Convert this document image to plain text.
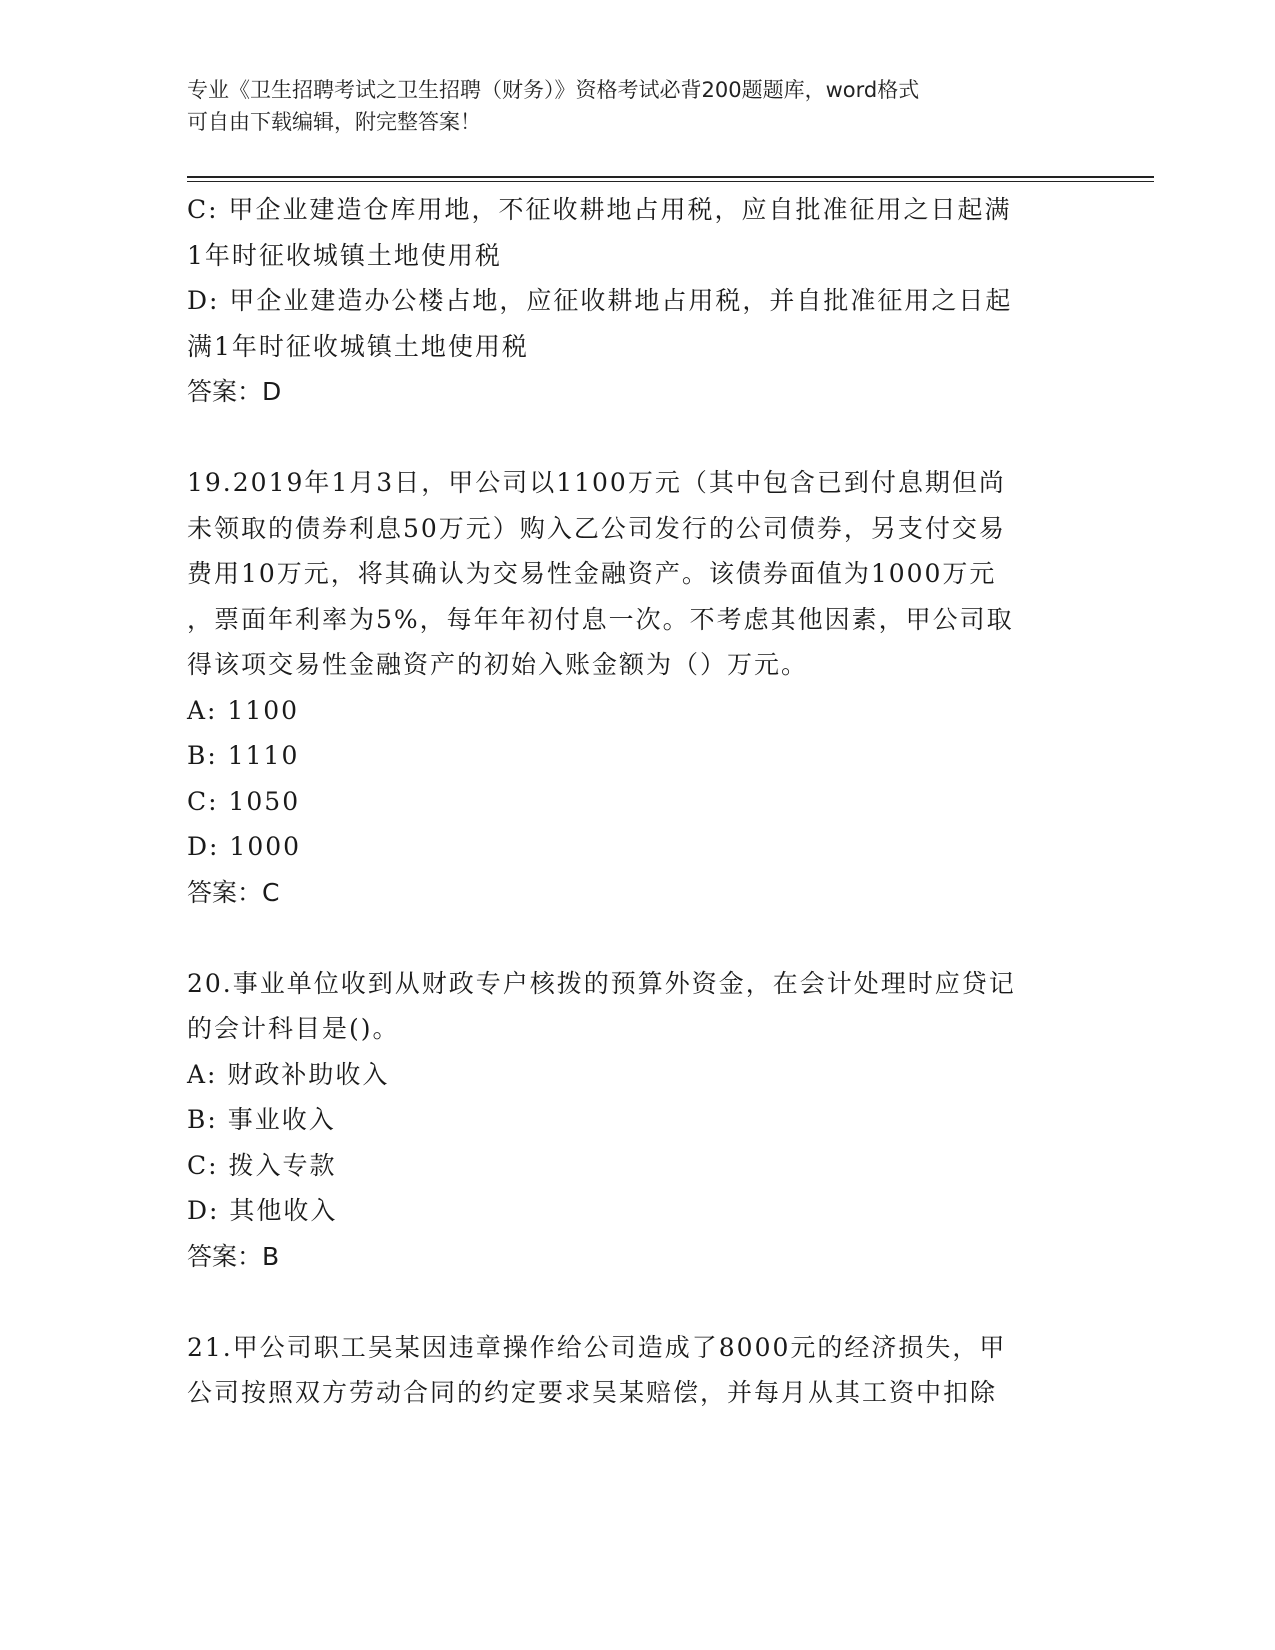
专业《卫生招聘考试之卫生招聘（财务）》资格考试必背200题题库，word格式
可自由下载编辑，附完整答案！
C: 甲企业建造仓库用地，不征收耕地占用税，应自批准征用之日起满
1年时征收城镇土地使用税
D: 甲企业建造办公楼占地，应征收耕地占用税，并自批准征用之日起
满1年时征收城镇土地使用税
答案：D
19.2019年1月3日，甲公司以1100万元（其中包含已到付息期但尚
未领取的债券利息50万元）购入乙公司发行的公司债券，另支付交易
费用10万元，将其确认为交易性金融资产。该债券面值为1000万元
，票面年利率为5%，每年年初付息一次。不考虑其他因素，甲公司取
得该项交易性金融资产的初始入账金额为（）万元。
A: 1100
B: 1110
C: 1050
D: 1000
答案：C
20.事业单位收到从财政专户核拨的预算外资金，在会计处理时应贷记
的会计科目是()。
A: 财政补助收入
B: 事业收入
C: 拨入专款
D: 其他收入
答案：B
21.甲公司职工吴某因违章操作给公司造成了8000元的经济损失，甲
公司按照双方劳动合同的约定要求吴某赔偿，并每月从其工资中扣除
